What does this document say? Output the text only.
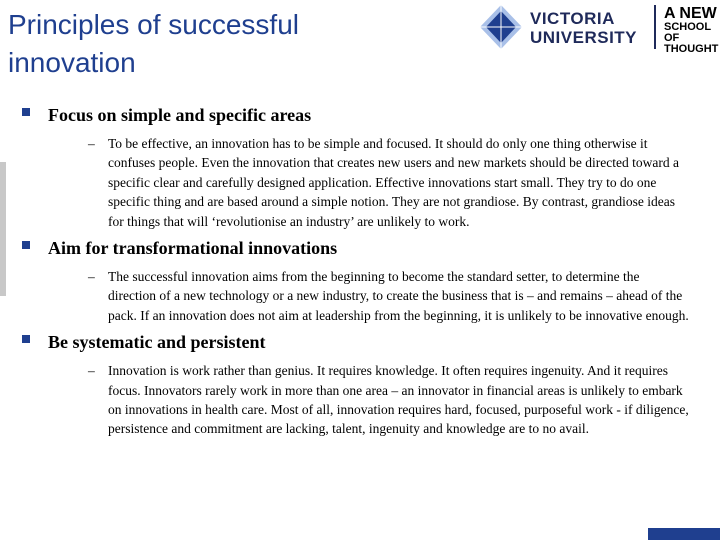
Principles of successful innovation
VICTORIA
UNIVERSITY
A NEW
SCHOOL OF
THOUGHT
Focus on simple and specific areas
– To be effective, an innovation has to be simple and focused. It should do only one thing otherwise it confuses people. Even the innovation that creates new users and new markets should be directed toward a specific clear and carefully designed application. Effective innovations start small. They try to do one specific thing and are based around a simple notion. They are not grandiose. By contrast, grandiose ideas for things that will ‘revolutionise an industry’ are unlikely to work.
Aim for transformational innovations
– The successful innovation aims from the beginning to become the standard setter, to determine the direction of a new technology or a new industry, to create the business that is – and remains – ahead of the pack. If an innovation does not aim at leadership from the beginning, it is unlikely to be innovative enough.
Be systematic and persistent
– Innovation is work rather than genius. It requires knowledge. It often requires ingenuity. And it requires focus. Innovators rarely work in more than one area – an innovator in financial areas is unlikely to embark on innovations in health care. Most of all, innovation requires hard, focused, purposeful work - if diligence, persistence and commitment are lacking, talent, ingenuity and knowledge are to no avail.
